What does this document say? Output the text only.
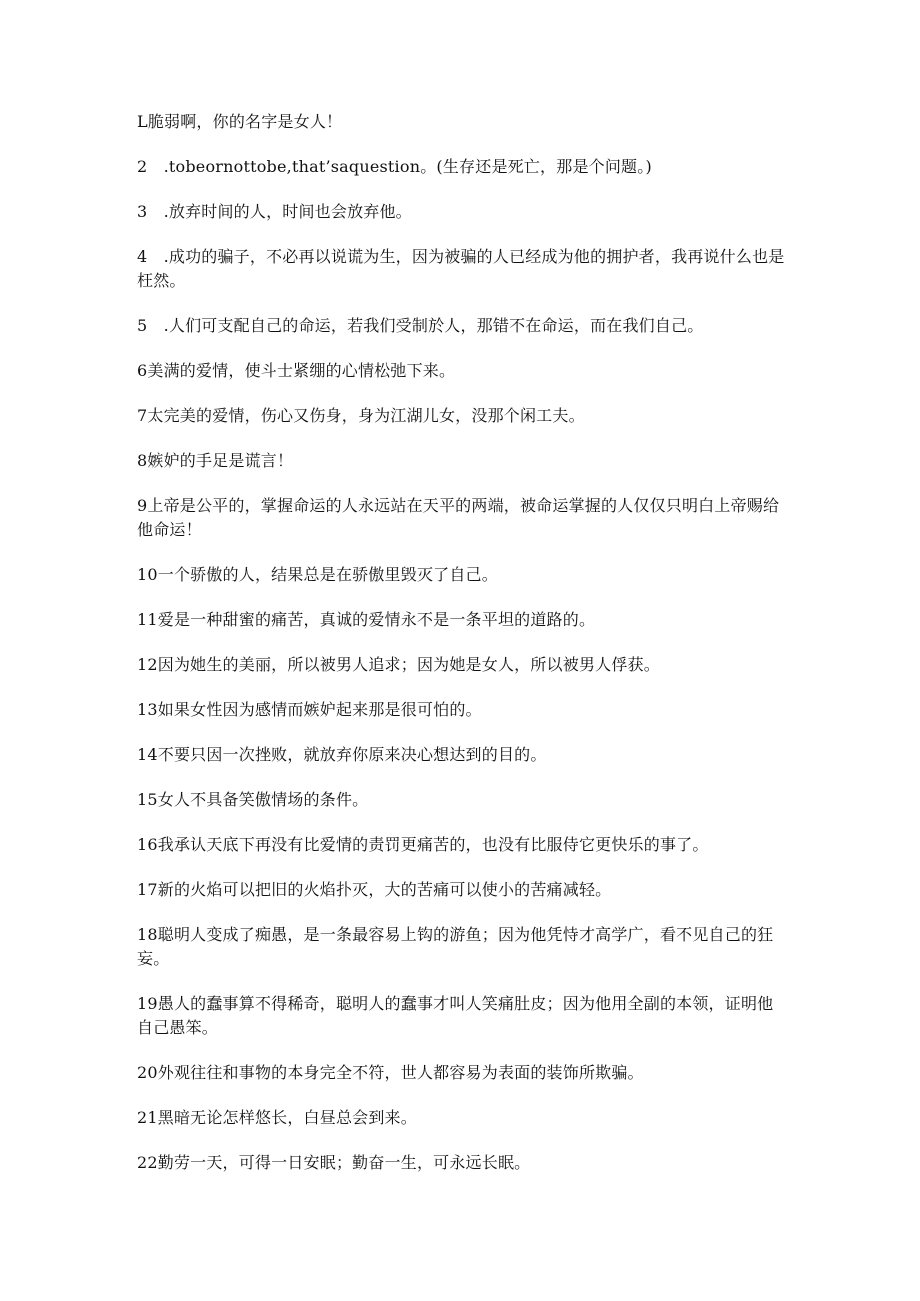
L脆弱啊，你的名字是女人！

2　.tobeornottobe,that’saquestion。(生存还是死亡，那是个问题。)

3　.放弃时间的人，时间也会放弃他。

4　.成功的骗子，不必再以说谎为生，因为被骗的人已经成为他的拥护者，我再说什么也是枉然。

5　.人们可支配自己的命运，若我们受制於人，那错不在命运，而在我们自己。

6美满的爱情，使斗士紧绷的心情松弛下来。

7太完美的爱情，伤心又伤身，身为江湖儿女，没那个闲工夫。

8嫉妒的手足是谎言！

9上帝是公平的，掌握命运的人永远站在天平的两端，被命运掌握的人仅仅只明白上帝赐给他命运！

10一个骄傲的人，结果总是在骄傲里毁灭了自己。

11爱是一种甜蜜的痛苦，真诚的爱情永不是一条平坦的道路的。

12因为她生的美丽，所以被男人追求；因为她是女人，所以被男人俘获。

13如果女性因为感情而嫉妒起来那是很可怕的。

14不要只因一次挫败，就放弃你原来决心想达到的目的。

15女人不具备笑傲情场的条件。

16我承认天底下再没有比爱情的责罚更痛苦的，也没有比服侍它更快乐的事了。

17新的火焰可以把旧的火焰扑灭，大的苦痛可以使小的苦痛减轻。

18聪明人变成了痴愚，是一条最容易上钩的游鱼；因为他凭恃才高学广，看不见自己的狂妄。

19愚人的蠢事算不得稀奇，聪明人的蠢事才叫人笑痛肚皮；因为他用全副的本领，证明他自己愚笨。

20外观往往和事物的本身完全不符，世人都容易为表面的装饰所欺骗。

21黑暗无论怎样悠长，白昼总会到来。

22勤劳一天，可得一日安眠；勤奋一生，可永远长眠。
